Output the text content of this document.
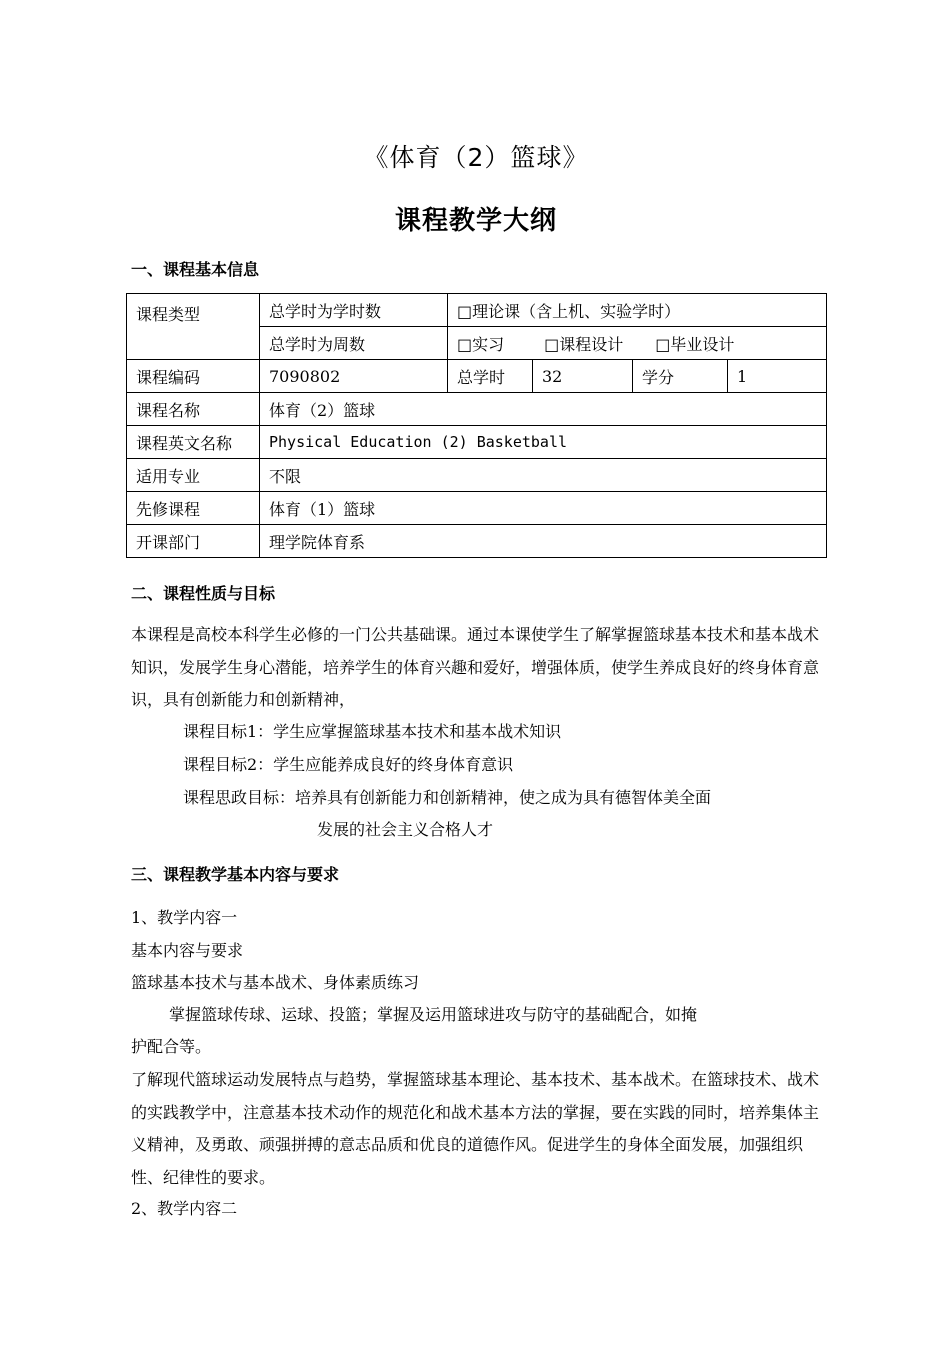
《体育（2）篮球》
课程教学大纲
一、课程基本信息
课程类型	总学时为学时数	□理论课（含上机、实验学时）			
	总学时为周数	□实习 □课程设计 □毕业设计			
课程编码	7090802	总学时	32	学分	1
课程名称	体育（2）篮球				
课程英文名称	Physical Education (2) Basketball				
适用专业	不限				
先修课程	体育（1）篮球				
开课部门	理学院体育系				
二、课程性质与目标

本课程是高校本科学生必修的一门公共基础课。通过本课使学生了解掌握篮球基本技术和基本战术知识，发展学生身心潜能，培养学生的体育兴趣和爱好，增强体质，使学生养成良好的终身体育意识，具有创新能力和创新精神，

课程目标1：学生应掌握篮球基本技术和基本战术知识
课程目标2：学生应能养成良好的终身体育意识
课程思政目标：培养具有创新能力和创新精神，使之成为具有德智体美全面
发展的社会主义合格人才
三、课程教学基本内容与要求
1、教学内容一
基本内容与要求
篮球基本技术与基本战术、身体素质练习
掌握篮球传球、运球、投篮；掌握及运用篮球进攻与防守的基础配合，如掩
护配合等。

了解现代篮球运动发展特点与趋势，掌握篮球基本理论、基本技术、基本战术。在篮球技术、战术的实践教学中，注意基本技术动作的规范化和战术基本方法的掌握，要在实践的同时，培养集体主义精神，及勇敢、顽强拼搏的意志品质和优良的道德作风。促进学生的身体全面发展，加强组织性、纪律性的要求。

2、教学内容二
